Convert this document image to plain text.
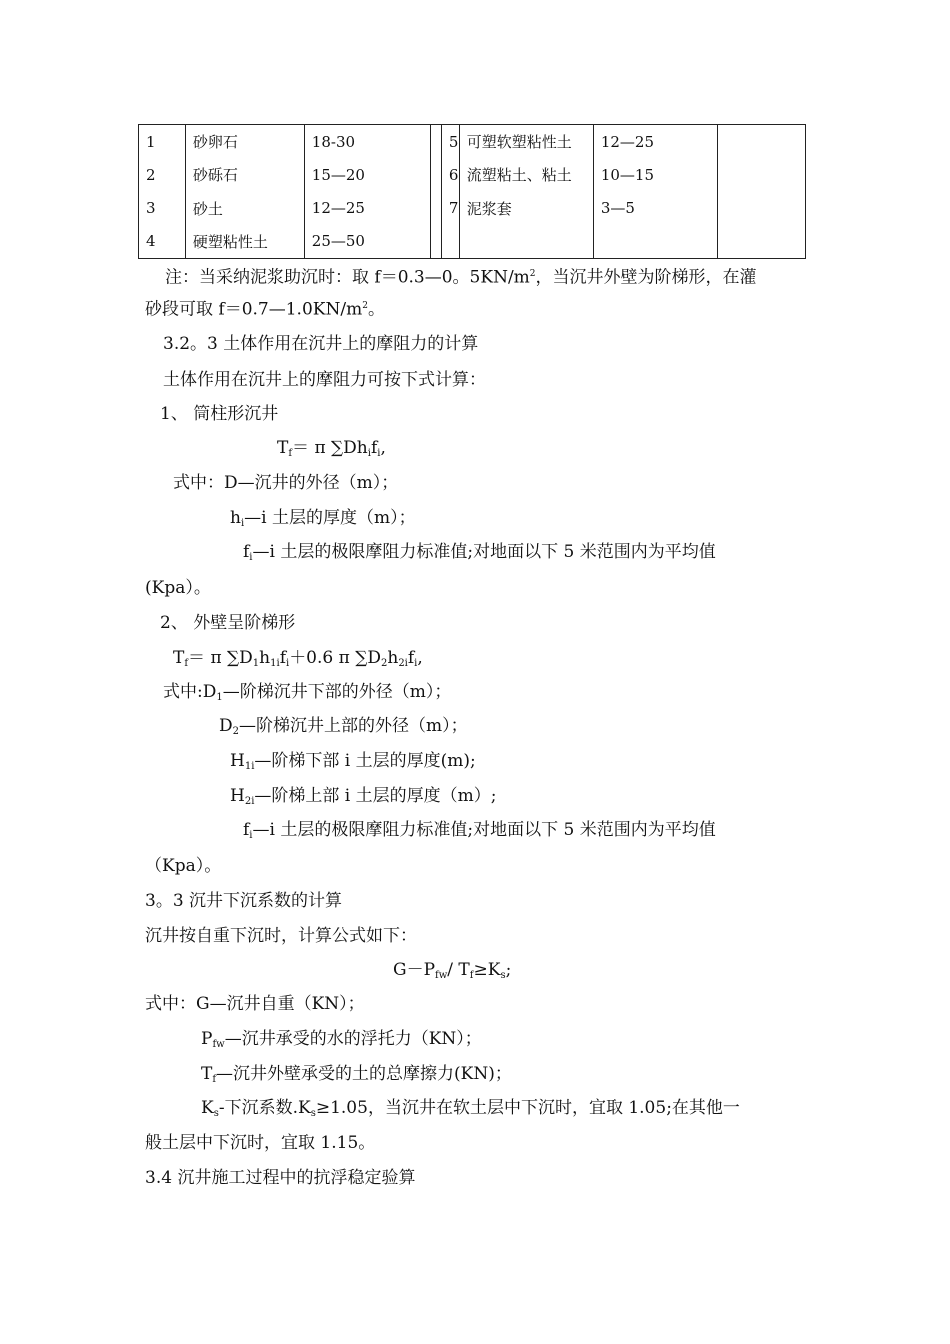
1	砂卵石	18-30		5	可塑软塑粘性土	12—25	
2	砂砾石	15—20		6	流塑粘土、粘土	10—15	
3	砂土	12—25		7	泥浆套	3—5	
4	硬塑粘性土	25—50					
注：当采纳泥浆助沉时：取 f＝0.3—0。$5KN/m^2$，当沉井外壁为阶梯形，在灌
砂段可取 $f=0.7—1.0KN/m^2$。
3.2。3 土体作用在沉井上的摩阻力的计算
土体作用在沉井上的摩阻力可按下式计算：
1、 筒柱形沉井
$T_f= \pi$ $\sum Dh_if_i$,
式中：D—沉井的外径（m）；
$h_i—i$ 土层的厚度（m）；
$f_i—i$ 土层的极限摩阻力标准值;对地面以下 5 米范围内为平均值
(Kpa）。
2、 外壁呈阶梯形
$T_f= \pi$ $\sum D_1h_{1i}f_i+0.6$ π $\sum D_2h_{2i}f_i$,
式中$:D_1—$阶梯沉井下部的外径（m）；
$D_2—$阶梯沉井上部的外径（m）；
$H_{1i}—$阶梯下部 i 土层的厚度(m);
$H_{2i}—$阶梯上部 i 土层的厚度（m）;
$f_i—i$ 土层的极限摩阻力标准值;对地面以下 5 米范围内为平均值
（Kpa）。
3。3 沉井下沉系数的计算
沉井按自重下沉时，计算公式如下：
$G-P_{fw}/$ $T_f\ge K_s$;
式中：G—沉井自重（KN）；
$P_{fw}—$沉井承受的水的浮托力（KN）；
$T_f—$沉井外壁承受的土的总摩擦力(KN)；
$K_s-$下沉系数$.K_s\ge 1.05$，当沉井在软土层中下沉时，宜取 1.05;在其他一
般土层中下沉时，宜取 1.15。
3.4 沉井施工过程中的抗浮稳定验算
